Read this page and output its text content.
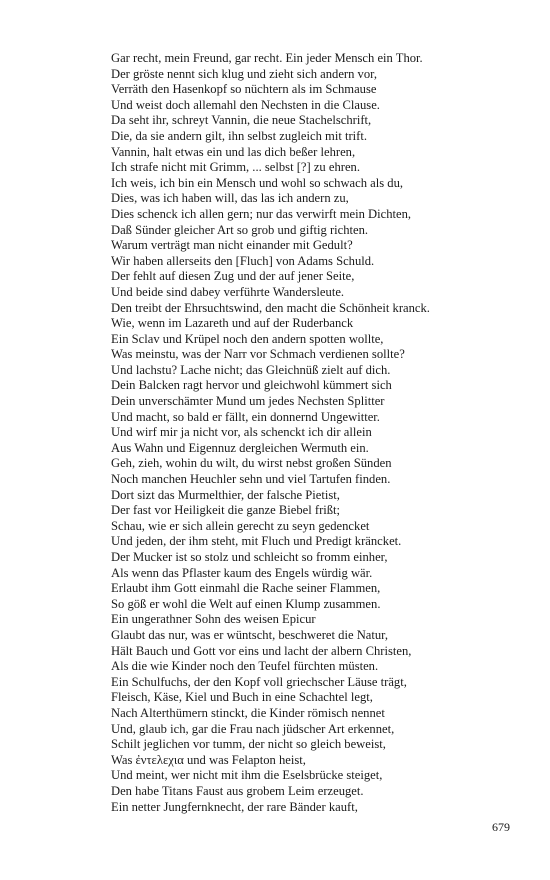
Gar recht, mein Freund, gar recht. Ein jeder Mensch ein Thor.
Der gröste nennt sich klug und zieht sich andern vor,
Verräth den Hasenkopf so nüchtern als im Schmause
Und weist doch allemahl den Nechsten in die Clause.
Da seht ihr, schreyt Vannin, die neue Stachelschrift,
Die, da sie andern gilt, ihn selbst zugleich mit trift.
Vannin, halt etwas ein und las dich beßer lehren,
Ich strafe nicht mit Grimm, ... selbst [?] zu ehren.
Ich weis, ich bin ein Mensch und wohl so schwach als du,
Dies, was ich haben will, das las ich andern zu,
Dies schenck ich allen gern; nur das verwirft mein Dichten,
Daß Sünder gleicher Art so grob und giftig richten.
Warum verträgt man nicht einander mit Gedult?
Wir haben allerseits den [Fluch] von Adams Schuld.
Der fehlt auf diesen Zug und der auf jener Seite,
Und beide sind dabey verführte Wandersleute.
Den treibt der Ehrsuchtswind, den macht die Schönheit kranck.
Wie, wenn im Lazareth und auf der Ruderbanck
Ein Sclav und Krüpel noch den andern spotten wollte,
Was meinstu, was der Narr vor Schmach verdienen sollte?
Und lachstu? Lache nicht; das Gleichnüß zielt auf dich.
Dein Balcken ragt hervor und gleichwohl kümmert sich
Dein unverschämter Mund um jedes Nechsten Splitter
Und macht, so bald er fällt, ein donnernd Ungewitter.
Und wirf mir ja nicht vor, als schenckt ich dir allein
Aus Wahn und Eigennuz dergleichen Wermuth ein.
Geh, zieh, wohin du wilt, du wirst nebst großen Sünden
Noch manchen Heuchler sehn und viel Tartufen finden.
Dort sizt das Murmelthier, der falsche Pietist,
Der fast vor Heiligkeit die ganze Biebel frißt;
Schau, wie er sich allein gerecht zu seyn gedencket
Und jeden, der ihm steht, mit Fluch und Predigt kräncket.
Der Mucker ist so stolz und schleicht so fromm einher,
Als wenn das Pflaster kaum des Engels würdig wär.
Erlaubt ihm Gott einmahl die Rache seiner Flammen,
So göß er wohl die Welt auf einen Klump zusammen.
Ein ungerathner Sohn des weisen Epicur
Glaubt das nur, was er wüntscht, beschweret die Natur,
Hält Bauch und Gott vor eins und lacht der albern Christen,
Als die wie Kinder noch den Teufel fürchten müsten.
Ein Schulfuchs, der den Kopf voll griechscher Läuse trägt,
Fleisch, Käse, Kiel und Buch in eine Schachtel legt,
Nach Alterthümern stinckt, die Kinder römisch nennet
Und, glaub ich, gar die Frau nach jüdscher Art erkennet,
Schilt jeglichen vor tumm, der nicht so gleich beweist,
Was ἐντελεχια und was Felapton heist,
Und meint, wer nicht mit ihm die Eselsbrücke steiget,
Den habe Titans Faust aus grobem Leim erzeuget.
Ein netter Jungfernknecht, der rare Bänder kauft,
679
